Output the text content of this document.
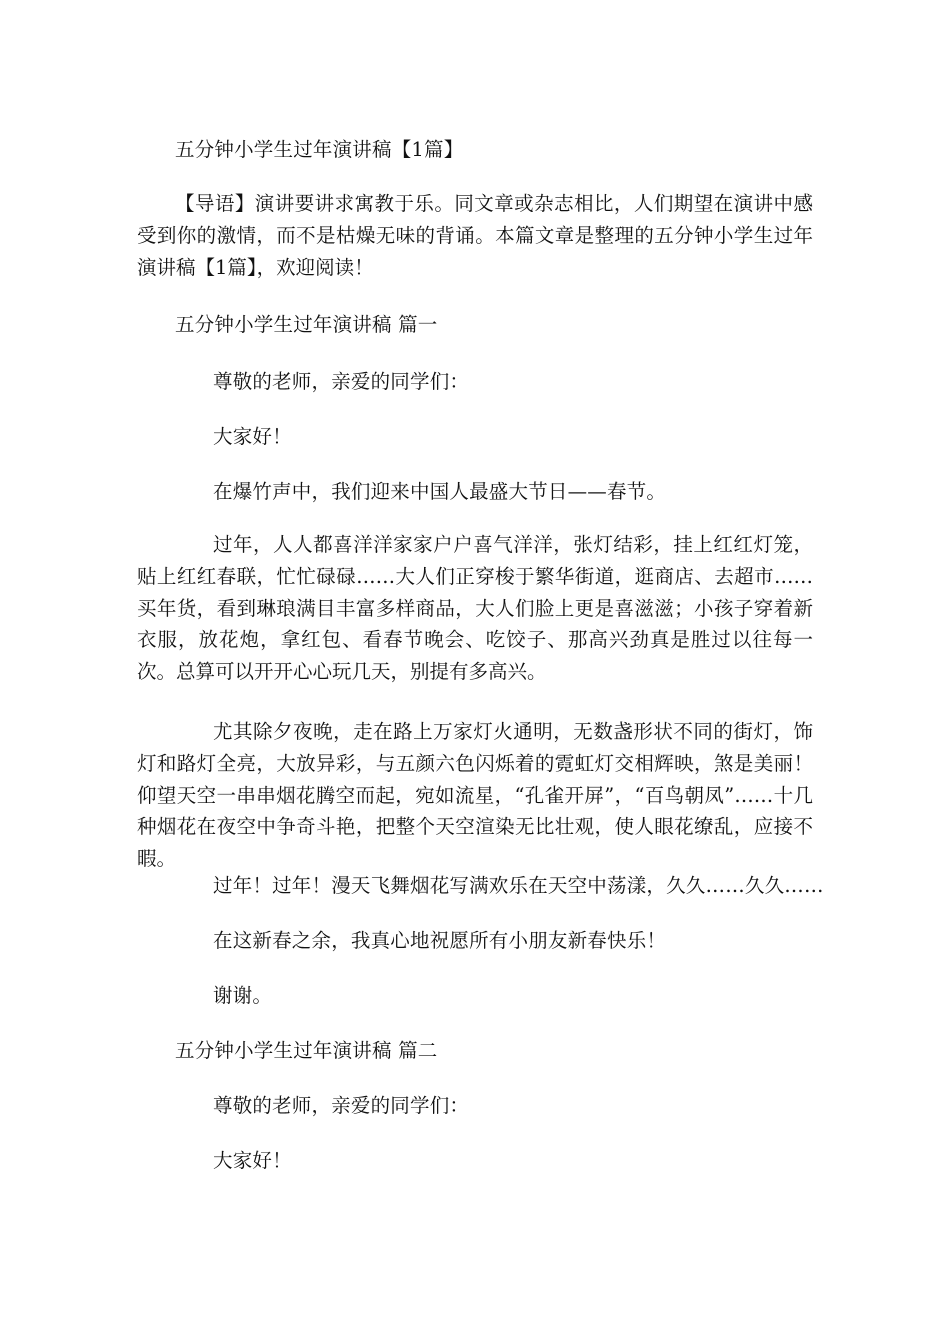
五分钟小学生过年演讲稿【1篇】
【导语】演讲要讲求寓教于乐。同文章或杂志相比，人们期望在演讲中感受到你的激情，而不是枯燥无味的背诵。本篇文章是整理的五分钟小学生过年演讲稿【1篇】，欢迎阅读！
五分钟小学生过年演讲稿 篇一
尊敬的老师，亲爱的同学们：
大家好！
在爆竹声中，我们迎来中国人最盛大节日——春节。
过年，人人都喜洋洋家家户户喜气洋洋，张灯结彩，挂上红红灯笼，贴上红红春联，忙忙碌碌……大人们正穿梭于繁华街道，逛商店、去超市……买年货，看到琳琅满目丰富多样商品，大人们脸上更是喜滋滋；小孩子穿着新衣服，放花炮，拿红包、看春节晚会、吃饺子、那高兴劲真是胜过以往每一次。总算可以开开心心玩几天，别提有多高兴。
尤其除夕夜晚，走在路上万家灯火通明，无数盏形状不同的街灯，饰灯和路灯全亮，大放异彩，与五颜六色闪烁着的霓虹灯交相辉映，煞是美丽！仰望天空一串串烟花腾空而起，宛如流星，“孔雀开屏”，“百鸟朝凤”……十几种烟花在夜空中争奇斗艳，把整个天空渲染无比壮观，使人眼花缭乱，应接不暇。
过年！过年！漫天飞舞烟花写满欢乐在天空中荡漾，久久……久久……
在这新春之余，我真心地祝愿所有小朋友新春快乐！
谢谢。
五分钟小学生过年演讲稿 篇二
尊敬的老师，亲爱的同学们：
大家好！
